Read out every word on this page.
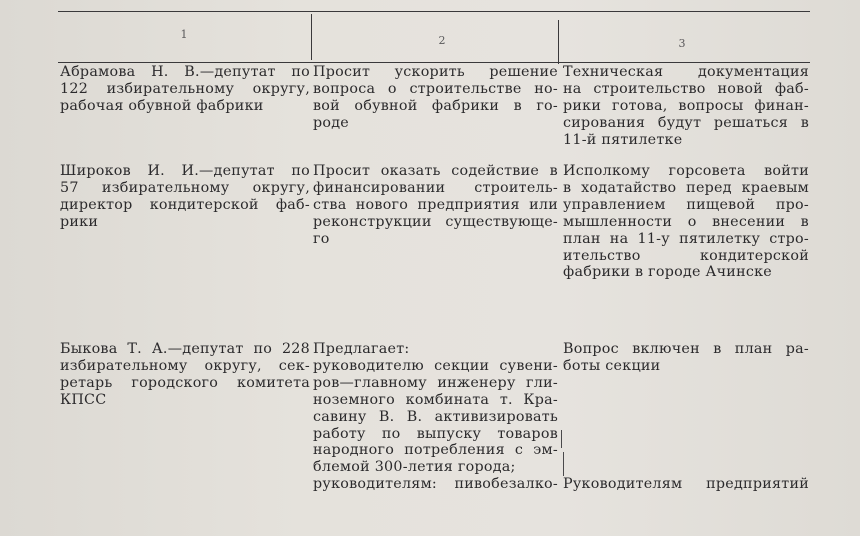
1	2	3
Абрамова Н. В.—депутат по
122 избирательному округу,
рабочая обувной фабрики
Просит ускорить решение
вопроса о строительстве но-
вой обувной фабрики в го-
роде
Техническая документация
на строительство новой фаб-
рики готова, вопросы финан-
сирования будут решаться в
11-й пятилетке
Широков И. И.—депутат по
57 избирательному округу,
директор кондитерской фаб-
рики
Просит оказать содействие в
финансировании строитель-
ства нового предприятия или
реконструкции существующе-
го
Исполкому горсовета войти
в ходатайство перед краевым
управлением пищевой про-
мышленности о внесении в
план на 11-у пятилетку стро-
ительство кондитерской
фабрики в городе Ачинске
Быкова Т. А.—депутат по 228
избирательному округу, сек-
ретарь городского комитета
КПСС
Предлагает:
руководителю секции сувени-
ров—главному инженеру гли-
ноземного комбината т. Кра-
савину В. В. активизировать
работу по выпуску товаров
народного потребления с эм-
блемой 300-летия города;
руководителям: пивобезалко-
Вопрос включен в план ра-
боты секции
Руководителям предприятий
